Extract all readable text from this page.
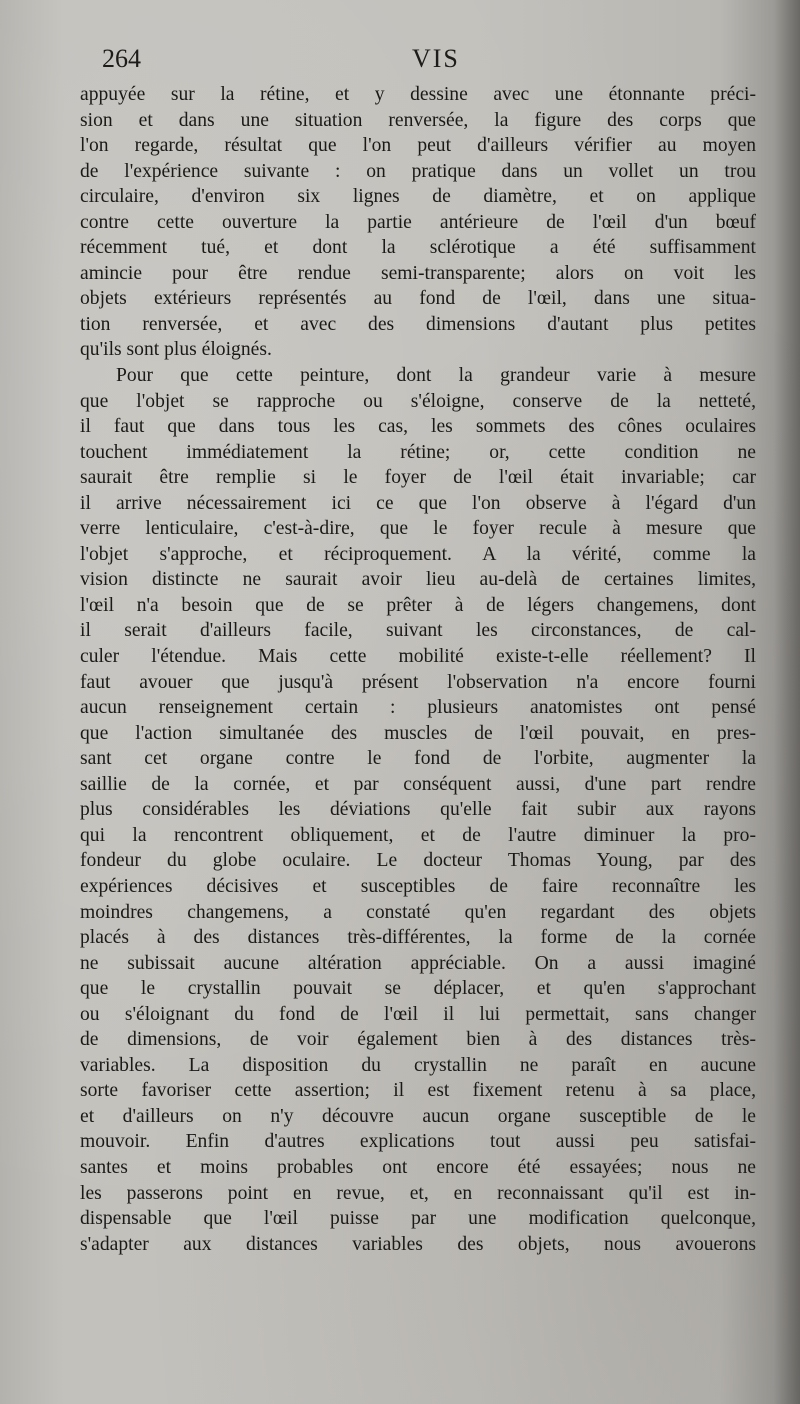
264	VIS
appuyée sur la rétine, et y dessine avec une étonnante préci-
sion et dans une situation renversée, la figure des corps que
l'on regarde, résultat que l'on peut d'ailleurs vérifier au moyen
de l'expérience suivante : on pratique dans un vollet un trou
circulaire, d'environ six lignes de diamètre, et on applique
contre cette ouverture la partie antérieure de l'œil d'un bœuf
récemment tué, et dont la sclérotique a été suffisamment
amincie pour être rendue semi-transparente; alors on voit les
objets extérieurs représentés au fond de l'œil, dans une situa-
tion renversée, et avec des dimensions d'autant plus petites
qu'ils sont plus éloignés.
Pour que cette peinture, dont la grandeur varie à mesure
que l'objet se rapproche ou s'éloigne, conserve de la netteté,
il faut que dans tous les cas, les sommets des cônes oculaires
touchent immédiatement la rétine; or, cette condition ne
saurait être remplie si le foyer de l'œil était invariable; car
il arrive nécessairement ici ce que l'on observe à l'égard d'un
verre lenticulaire, c'est-à-dire, que le foyer recule à mesure que
l'objet s'approche, et réciproquement. A la vérité, comme la
vision distincte ne saurait avoir lieu au-delà de certaines limites,
l'œil n'a besoin que de se prêter à de légers changemens, dont
il serait d'ailleurs facile, suivant les circonstances, de cal-
culer l'étendue. Mais cette mobilité existe-t-elle réellement? Il
faut avouer que jusqu'à présent l'observation n'a encore fourni
aucun renseignement certain : plusieurs anatomistes ont pensé
que l'action simultanée des muscles de l'œil pouvait, en pres-
sant cet organe contre le fond de l'orbite, augmenter la
saillie de la cornée, et par conséquent aussi, d'une part rendre
plus considérables les déviations qu'elle fait subir aux rayons
qui la rencontrent obliquement, et de l'autre diminuer la pro-
fondeur du globe oculaire. Le docteur Thomas Young, par des
expériences décisives et susceptibles de faire reconnaître les
moindres changemens, a constaté qu'en regardant des objets
placés à des distances très-différentes, la forme de la cornée
ne subissait aucune altération appréciable. On a aussi imaginé
que le crystallin pouvait se déplacer, et qu'en s'approchant
ou s'éloignant du fond de l'œil il lui permettait, sans changer
de dimensions, de voir également bien à des distances très-
variables. La disposition du crystallin ne paraît en aucune
sorte favoriser cette assertion; il est fixement retenu à sa place,
et d'ailleurs on n'y découvre aucun organe susceptible de le
mouvoir. Enfin d'autres explications tout aussi peu satisfai-
santes et moins probables ont encore été essayées; nous ne
les passerons point en revue, et, en reconnaissant qu'il est in-
dispensable que l'œil puisse par une modification quelconque,
s'adapter aux distances variables des objets, nous avouerons
